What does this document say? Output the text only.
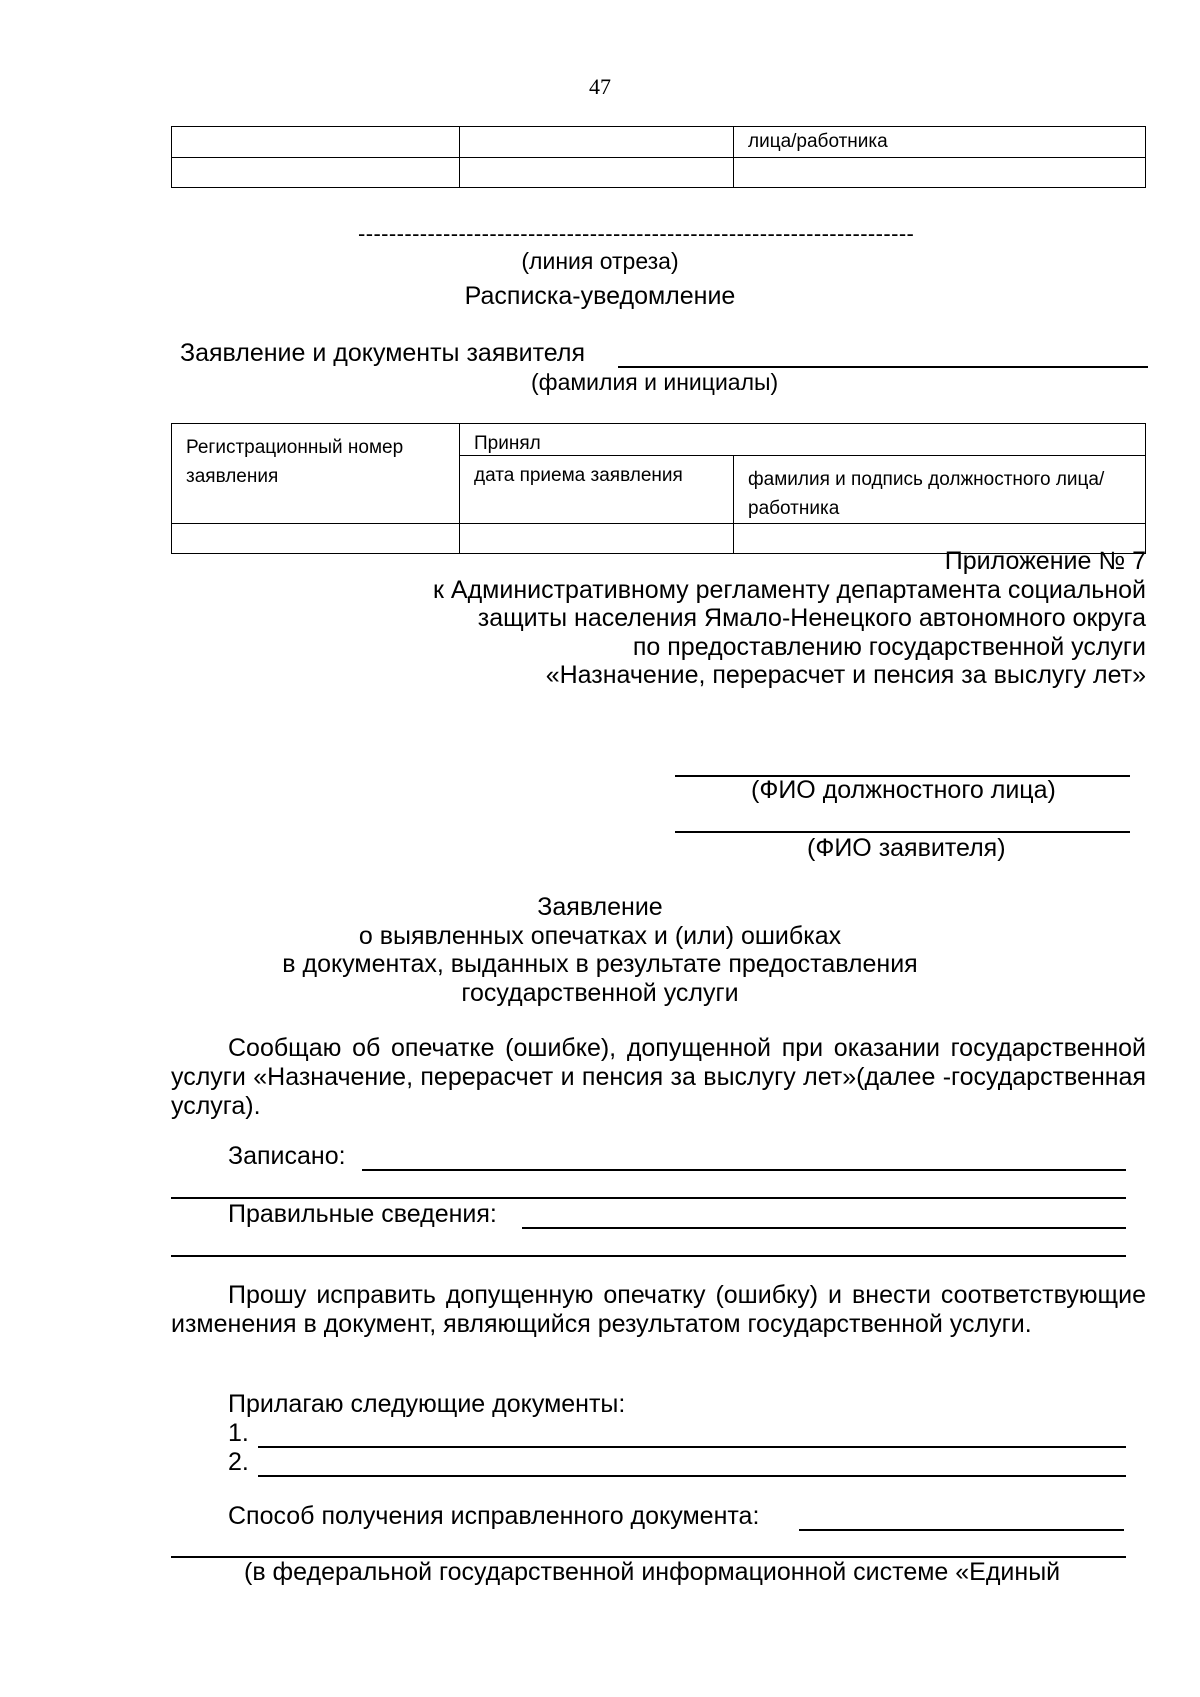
47
		лица/работника

------------------------------------------------------------------------
(линия отреза)
Расписка-уведомление
Заявление и документы заявителя
(фамилия и инициалы)
Регистрационный номер заявления	Принял	
	дата приема заявления	фамилия и подпись должностного лица/работника

Приложение № 7
к Административному регламенту департамента социальной
защиты населения Ямало-Ненецкого автономного округа
по предоставлению государственной услуги
«Назначение, перерасчет и пенсия за выслугу лет»
(ФИО должностного лица)
(ФИО заявителя)
Заявление
о выявленных опечатках и (или) ошибках
в документах, выданных в результате предоставления
государственной услуги
Сообщаю об опечатке (ошибке), допущенной при оказании государственной услуги «Назначение, перерасчет и пенсия за выслугу лет»(далее -государственная услуга).
Записано:
Правильные сведения:
Прошу исправить допущенную опечатку (ошибку) и внести соответствующие изменения в документ, являющийся результатом государственной услуги.
Прилагаю следующие документы:
1.
2.
Способ получения исправленного документа:
(в федеральной государственной информационной системе «Единый
